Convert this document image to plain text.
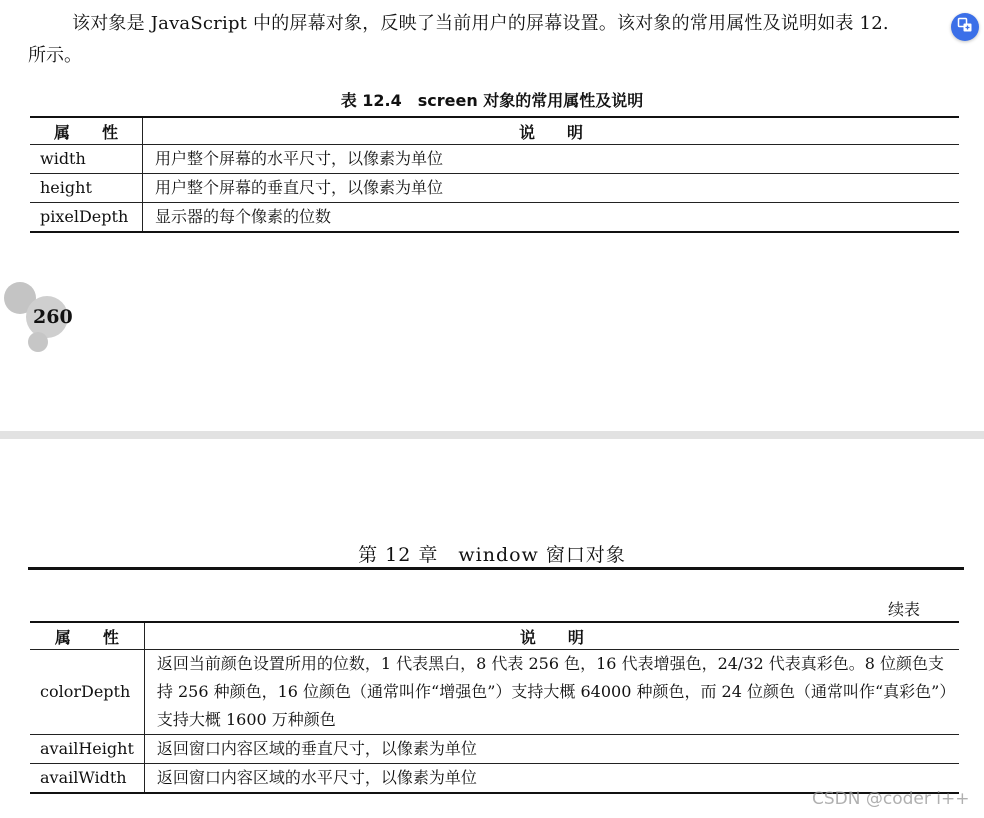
该对象是 JavaScript 中的屏幕对象，反映了当前用户的屏幕设置。该对象的常用属性及说明如表 12.
所示。
表 12.4　screen 对象的常用属性及说明
属　　性	说　　明
width	用户整个屏幕的水平尺寸，以像素为单位
height	用户整个屏幕的垂直尺寸，以像素为单位
pixelDepth	显示器的每个像素的位数
260
第 12 章　window 窗口对象
续表
属　　性	说　　明
colorDepth	返回当前颜色设置所用的位数，1 代表黑白，8 代表 256 色，16 代表增强色，24/32 代表真彩色。8 位颜色支持 256 种颜色，16 位颜色（通常叫作“增强色”）支持大概 64000 种颜色，而 24 位颜色（通常叫作“真彩色”）支持大概 1600 万种颜色
availHeight	返回窗口内容区域的垂直尺寸，以像素为单位
availWidth	返回窗口内容区域的水平尺寸，以像素为单位
CSDN @coder i++
